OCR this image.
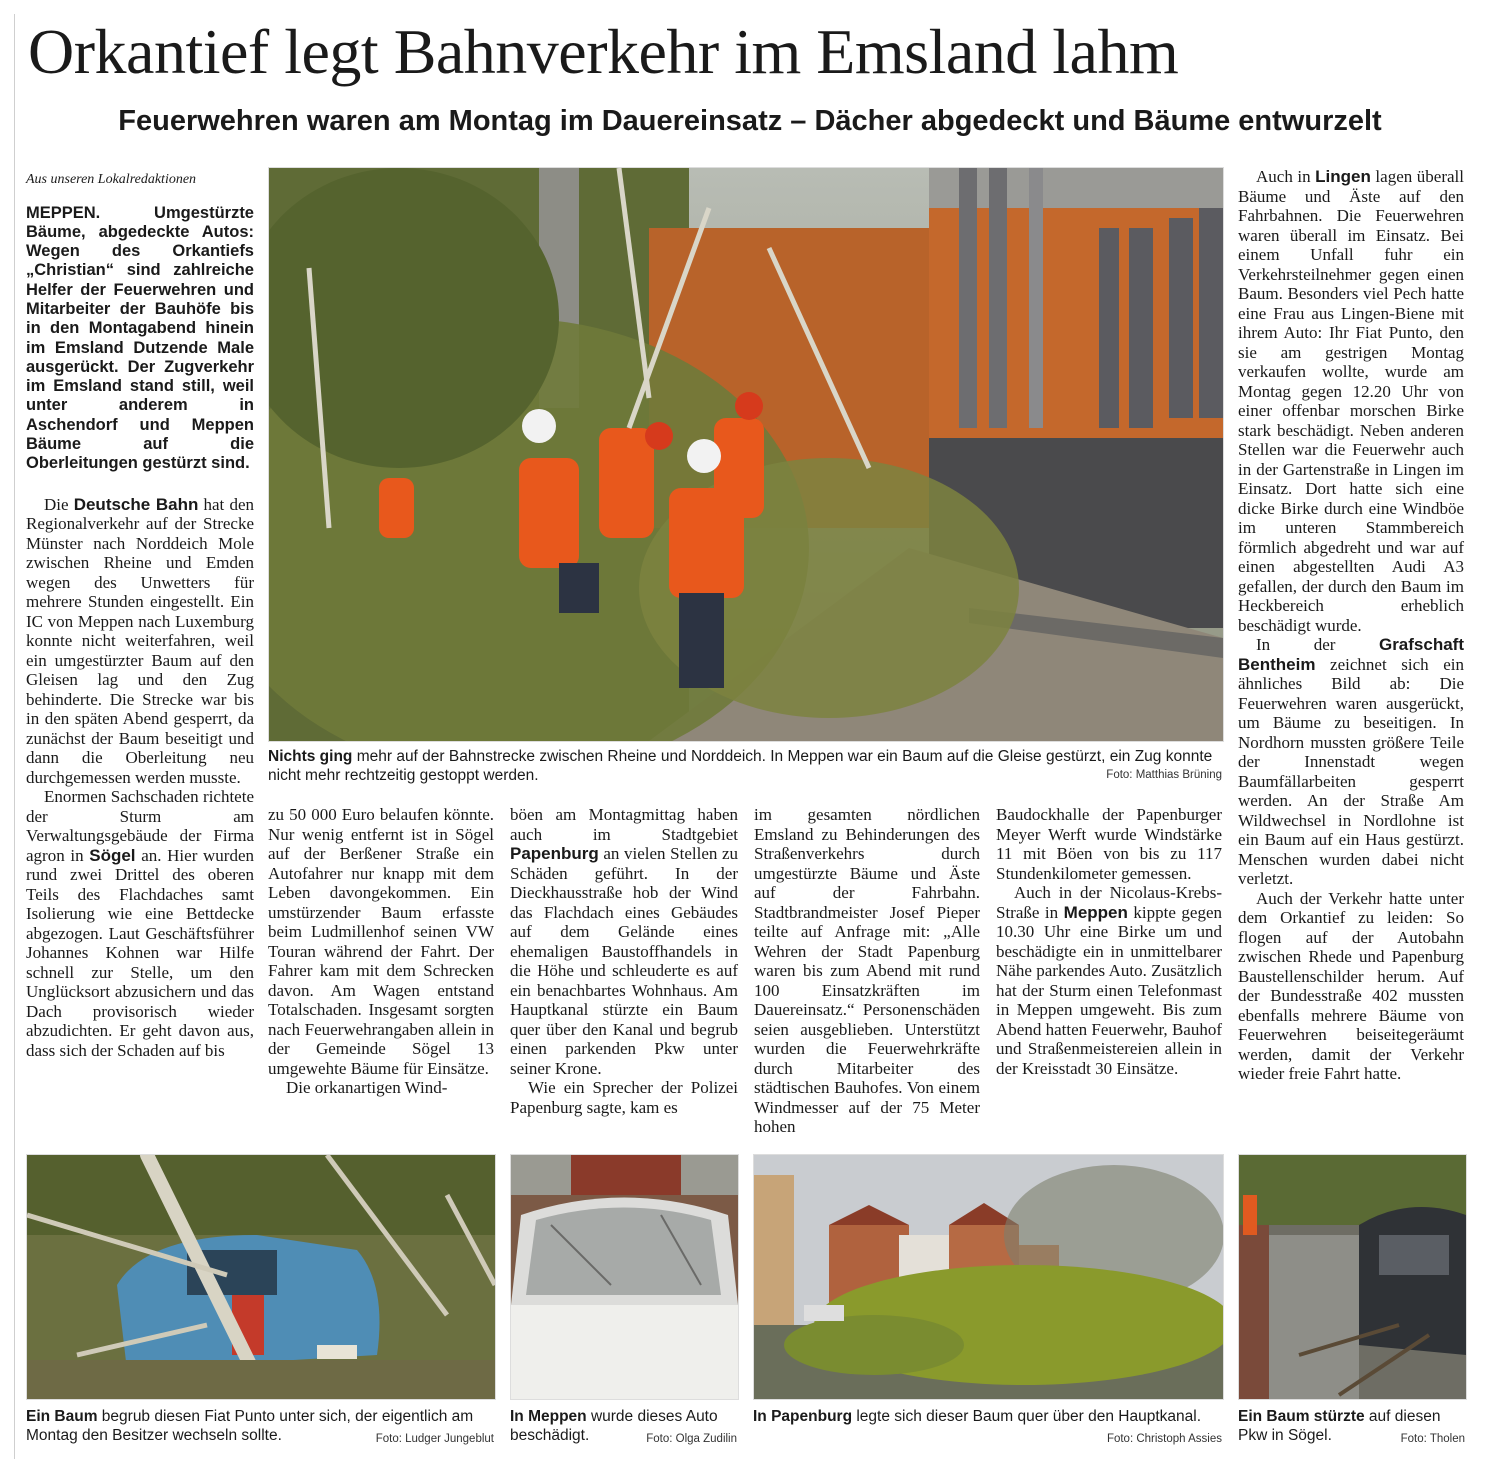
Orkantief legt Bahnverkehr im Emsland lahm
Feuerwehren waren am Montag im Dauereinsatz – Dächer abgedeckt und Bäume entwurzelt
Aus unseren Lokalredaktionen
MEPPEN. Umgestürzte Bäume, abgedeckte Autos: Wegen des Orkantiefs „Christian“ sind zahlreiche Helfer der Feuerwehren und Mitarbeiter der Bauhöfe bis in den Montagabend hinein im Emsland Dutzende Male ausgerückt. Der Zugverkehr im Emsland stand still, weil unter anderem in Aschendorf und Meppen Bäume auf die Oberleitungen gestürzt sind.

Die Deutsche Bahn hat den Regionalverkehr auf der Strecke Münster nach Norddeich Mole zwischen Rheine und Emden wegen des Unwetters für mehrere Stunden eingestellt. Ein IC von Meppen nach Luxemburg konnte nicht weiterfahren, weil ein umgestürzter Baum auf den Gleisen lag und den Zug behinderte. Die Strecke war bis in den späten Abend gesperrt, da zunächst der Baum beseitigt und dann die Oberleitung neu durchgemessen werden musste.

Enormen Sachschaden richtete der Sturm am Verwaltungsgebäude der Firma agron in Sögel an. Hier wurden rund zwei Drittel des oberen Teils des Flachdaches samt Isolierung wie eine Bettdecke abgezogen. Laut Geschäftsführer Johannes Kohnen war Hilfe schnell zur Stelle, um den Unglücksort abzusichern und das Dach provisorisch wieder abzudichten. Er geht davon aus, dass sich der Schaden auf bis

Nichts ging mehr auf der Bahnstrecke zwischen Rheine und Norddeich. In Meppen war ein Baum auf die Gleise gestürzt, ein Zug konnte nicht mehr rechtzeitig gestoppt werden.	Foto: Matthias Brüning

zu 50 000 Euro belaufen könnte. Nur wenig entfernt ist in Sögel auf der Berßener Straße ein Autofahrer nur knapp mit dem Leben davongekommen. Ein umstürzender Baum erfasste beim Ludmillenhof seinen VW Touran während der Fahrt. Der Fahrer kam mit dem Schrecken davon. Am Wagen entstand Totalschaden. Insgesamt sorgten nach Feuerwehrangaben allein in der Gemeinde Sögel 13 umgewehte Bäume für Einsätze.

Die orkanartigen Wind-

böen am Montagmittag haben auch im Stadtgebiet Papenburg an vielen Stellen zu Schäden geführt. In der Dieckhausstraße hob der Wind das Flachdach eines Gebäudes auf dem Gelände eines ehemaligen Baustoffhandels in die Höhe und schleuderte es auf ein benachbartes Wohnhaus. Am Hauptkanal stürzte ein Baum quer über den Kanal und begrub einen parkenden Pkw unter seiner Krone.

Wie ein Sprecher der Polizei Papenburg sagte, kam es

im gesamten nördlichen Emsland zu Behinderungen des Straßenverkehrs durch umgestürzte Bäume und Äste auf der Fahrbahn. Stadtbrandmeister Josef Pieper teilte auf Anfrage mit: „Alle Wehren der Stadt Papenburg waren bis zum Abend mit rund 100 Einsatzkräften im Dauereinsatz.“ Personenschäden seien ausgeblieben. Unterstützt wurden die Feuerwehrkräfte durch Mitarbeiter des städtischen Bauhofes. Von einem Windmesser auf der 75 Meter hohen

Baudockhalle der Papenburger Meyer Werft wurde Windstärke 11 mit Böen von bis zu 117 Stundenkilometer gemessen.

Auch in der Nicolaus-Krebs-Straße in Meppen kippte gegen 10.30 Uhr eine Birke um und beschädigte ein in unmittelbarer Nähe parkendes Auto. Zusätzlich hat der Sturm einen Telefonmast in Meppen umgeweht. Bis zum Abend hatten Feuerwehr, Bauhof und Straßenmeistereien allein in der Kreisstadt 30 Einsätze.

Auch in Lingen lagen überall Bäume und Äste auf den Fahrbahnen. Die Feuerwehren waren überall im Einsatz. Bei einem Unfall fuhr ein Verkehrsteilnehmer gegen einen Baum. Besonders viel Pech hatte eine Frau aus Lingen-Biene mit ihrem Auto: Ihr Fiat Punto, den sie am gestrigen Montag verkaufen wollte, wurde am Montag gegen 12.20 Uhr von einer offenbar morschen Birke stark beschädigt. Neben anderen Stellen war die Feuerwehr auch in der Gartenstraße in Lingen im Einsatz. Dort hatte sich eine dicke Birke durch eine Windböe im unteren Stammbereich förmlich abgedreht und war auf einen abgestellten Audi A3 gefallen, der durch den Baum im Heckbereich erheblich beschädigt wurde.

In der Grafschaft Bentheim zeichnet sich ein ähnliches Bild ab: Die Feuerwehren waren ausgerückt, um Bäume zu beseitigen. In Nordhorn mussten größere Teile der Innenstadt wegen Baumfällarbeiten gesperrt werden. An der Straße Am Wildwechsel in Nordlohne ist ein Baum auf ein Haus gestürzt. Menschen wurden dabei nicht verletzt.

Auch der Verkehr hatte unter dem Orkantief zu leiden: So flogen auf der Autobahn zwischen Rhede und Papenburg Baustellenschilder herum. Auf der Bundesstraße 402 mussten ebenfalls mehrere Bäume von Feuerwehren beiseitegeräumt werden, damit der Verkehr wieder freie Fahrt hatte.

Ein Baum begrub diesen Fiat Punto unter sich, der eigentlich am Montag den Besitzer wechseln sollte.	Foto: Ludger Jungeblut
In Meppen wurde dieses Auto beschädigt.	Foto: Olga Zudilin
In Papenburg legte sich dieser Baum quer über den Hauptkanal.
Foto: Christoph Assies
Ein Baum stürzte auf diesen Pkw in Sögel.	Foto: Tholen
